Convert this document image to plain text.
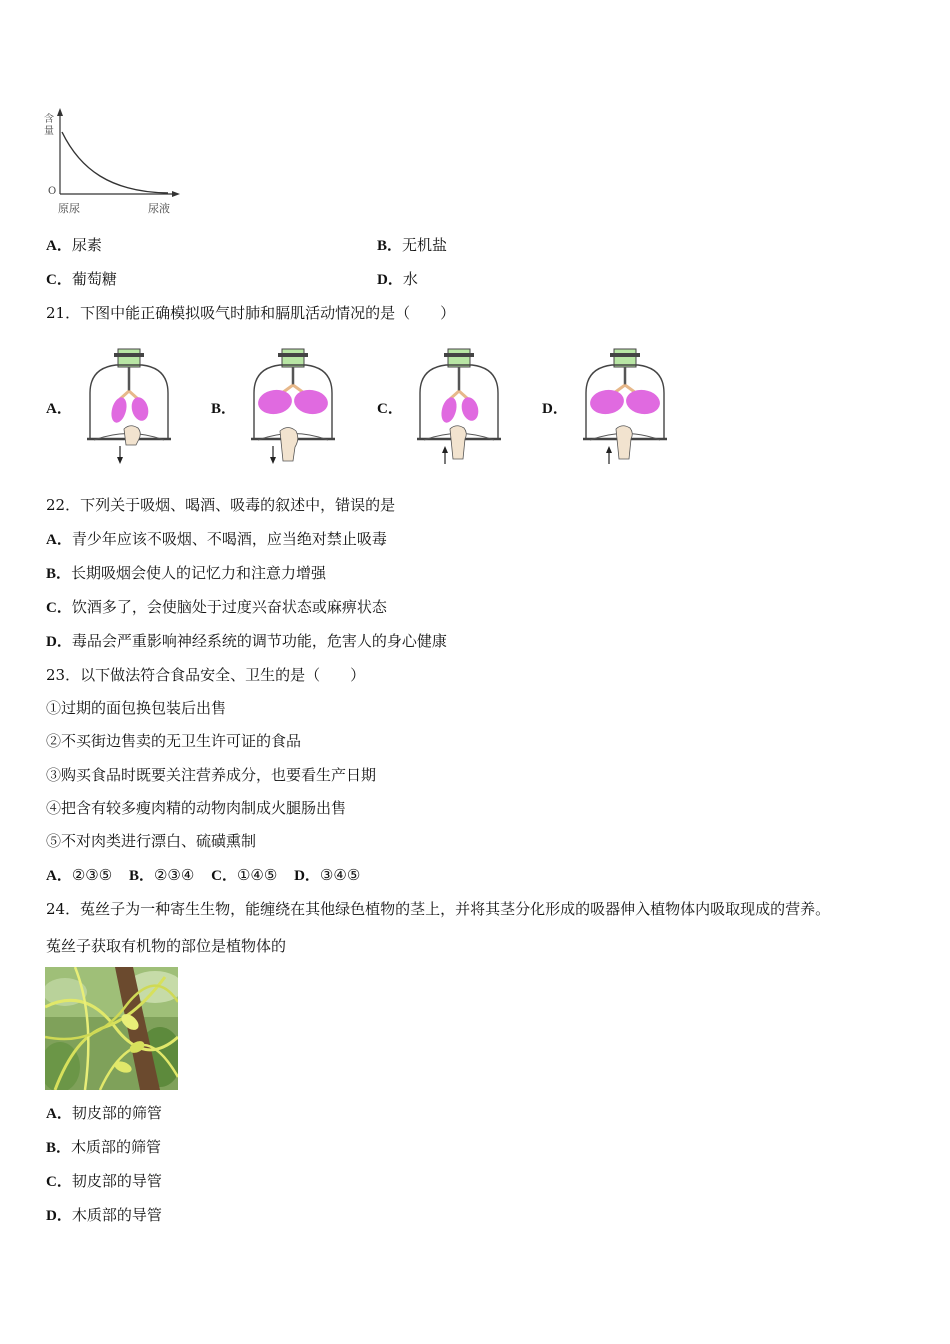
含
量
O
原尿	尿液
A．尿素	B．无机盐
C．葡萄糖	D．水
21．下图中能正确模拟吸气时肺和膈肌活动情况的是（　　）
A．	B．	C．	D．
22．下列关于吸烟、喝酒、吸毒的叙述中，错误的是
A．青少年应该不吸烟、不喝酒，应当绝对禁止吸毒
B．长期吸烟会使人的记忆力和注意力增强
C．饮酒多了，会使脑处于过度兴奋状态或麻痹状态
D．毒品会严重影响神经系统的调节功能，危害人的身心健康
23．以下做法符合食品安全、卫生的是（　　）
①过期的面包换包装后出售
②不买街边售卖的无卫生许可证的食品
③购买食品时既要关注营养成分，也要看生产日期
④把含有较多瘦肉精的动物肉制成火腿肠出售
⑤不对肉类进行漂白、硫磺熏制
A．②③⑤ B．②③④ C．①④⑤ D．③④⑤
24．菟丝子为一种寄生生物，能缠绕在其他绿色植物的茎上，并将其茎分化形成的吸器伸入植物体内吸取现成的营养。
菟丝子获取有机物的部位是植物体的
A．韧皮部的筛管
B．木质部的筛管
C．韧皮部的导管
D．木质部的导管
